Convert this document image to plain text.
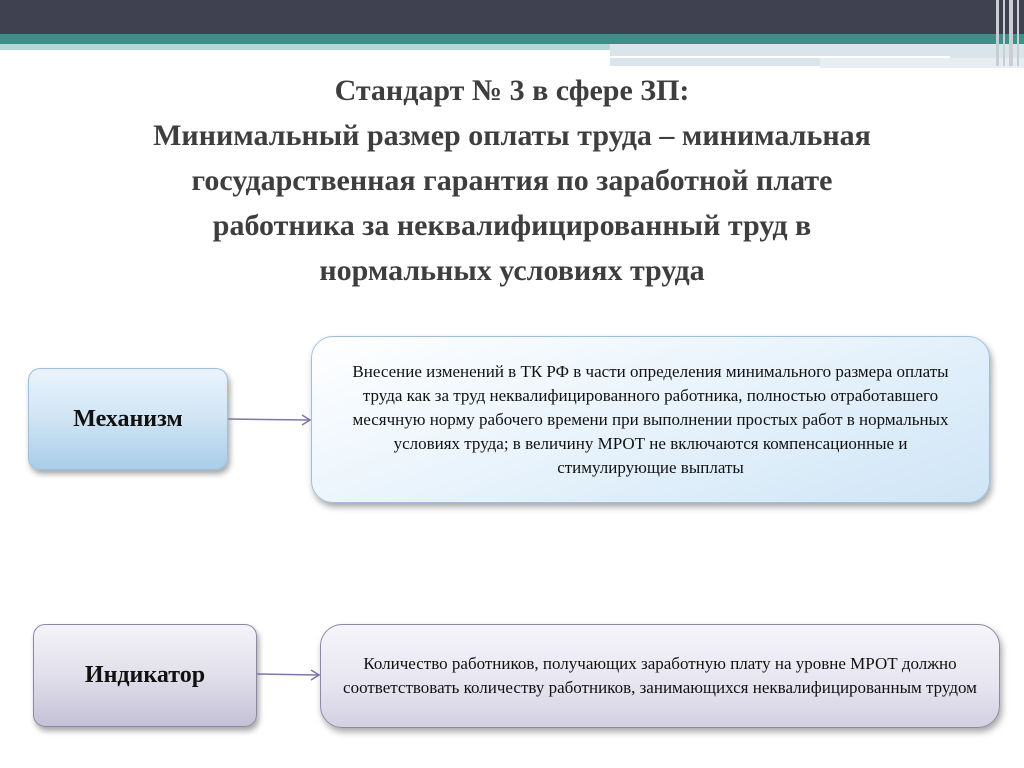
Стандарт № 3 в сфере ЗП:
Минимальный размер оплаты труда – минимальная
государственная гарантия по заработной плате
работника за неквалифицированный труд в
нормальных условиях труда
Механизм
Внесение изменений в ТК РФ в части определения минимального размера оплаты труда как за труд неквалифицированного работника, полностью отработавшего месячную норму рабочего времени при выполнении простых работ в нормальных условиях труда; в величину МРОТ не включаются компенсационные и стимулирующие выплаты
Индикатор	Количество работников, получающих заработную плату на уровне МРОТ должно соответствовать количеству работников, занимающихся неквалифицированным трудом
